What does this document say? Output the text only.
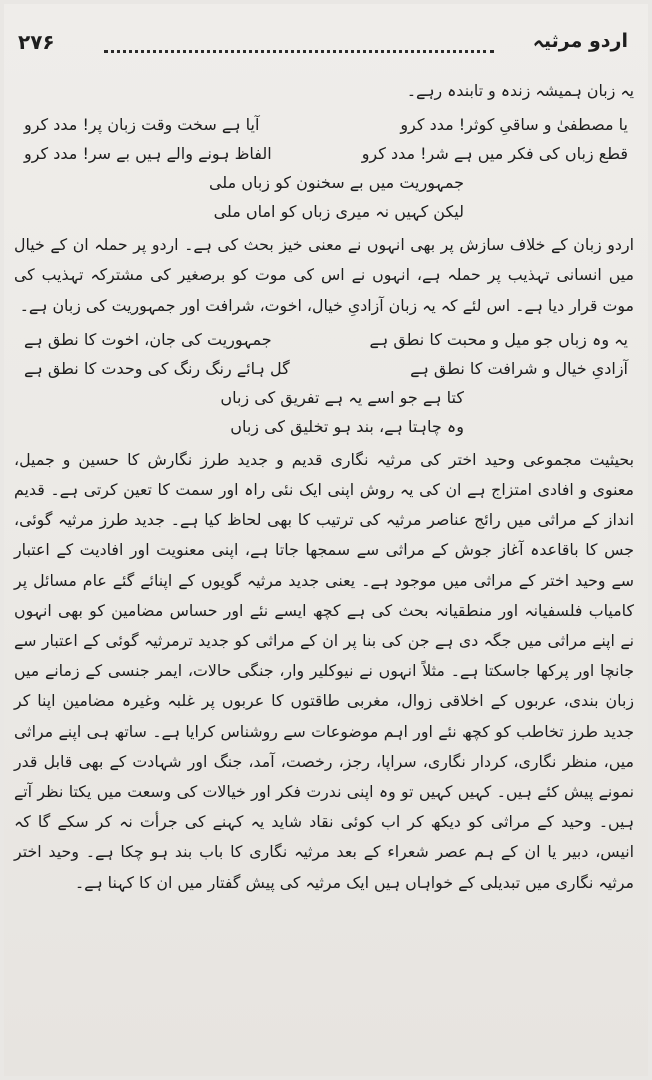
۲۷۶	اردو مرثیہ

یہ زبان ہمیشہ زندہ و تابندہ رہے۔

یا مصطفیٰ و ساقیِ کوثر! مدد کرو
آیا ہے سخت وقت زبان پر! مدد کرو
قطع زباں کی فکر میں ہے شر! مدد کرو
الفاظ ہونے والے ہیں بے سر! مدد کرو
جمہوریت میں بے سخنون کو زباں ملی
لیکن کہیں نہ میری زباں کو اماں ملی

اردو زبان کے خلاف سازش پر بھی انہوں نے معنی خیز بحث کی ہے۔ اردو پر حملہ ان کے خیال میں انسانی تہذیب پر حملہ ہے، انہوں نے اس کی موت کو برصغیر کی مشترکہ تہذیب کی موت قرار دیا ہے۔ اس لئے کہ یہ زبان آزادیِ خیال، اخوت، شرافت اور جمہوریت کی زبان ہے۔

یہ وہ زباں جو میل و محبت کا نطق ہے
جمہوریت کی جان، اخوت کا نطق ہے
آزادیِ خیال و شرافت کا نطق ہے
گل ہائے رنگ رنگ کی وحدت کا نطق ہے
کتا ہے جو اسے یہ ہے تفریق کی زباں
وہ چاہتا ہے، بند ہو تخلیق کی زباں

بحیثیت مجموعی وحید اختر کی مرثیہ نگاری قدیم و جدید طرز نگارش کا حسین و جمیل، معنوی و افادی امتزاج ہے ان کی یہ روش اپنی ایک نئی راہ اور سمت کا تعین کرتی ہے۔ قدیم انداز کے مراثی میں رائج عناصر مرثیہ کی ترتیب کا بھی لحاظ کیا ہے۔ جدید طرز مرثیہ گوئی، جس کا باقاعدہ آغاز جوش کے مراثی سے سمجھا جاتا ہے، اپنی معنویت اور افادیت کے اعتبار سے وحید اختر کے مراثی میں موجود ہے۔ یعنی جدید مرثیہ گویوں کے اپنائے گئے عام مسائل پر کامیاب فلسفیانہ اور منطقیانہ بحث کی ہے کچھ ایسے نئے اور حساس مضامین کو بھی انہوں نے اپنے مراثی میں جگہ دی ہے جن کی بنا پر ان کے مراثی کو جدید ترمرثیہ گوئی کے اعتبار سے جانچا اور پرکھا جاسکتا ہے۔ مثلاً انہوں نے نیوکلیر وار، جنگی حالات، ایمر جنسی کے زمانے میں زبان بندی، عربوں کے اخلاقی زوال، مغربی طاقتوں کا عربوں پر غلبہ وغیرہ مضامین اپنا کر جدید طرز تخاطب کو کچھ نئے اور اہم موضوعات سے روشناس کرایا ہے۔ ساتھ ہی اپنے مراثی میں، منظر نگاری، کردار نگاری، سراپا، رجز، رخصت، آمد، جنگ اور شہادت کے بھی قابل قدر نمونے پیش کئے ہیں۔ کہیں کہیں تو وہ اپنی ندرت فکر اور خیالات کی وسعت میں یکتا نظر آتے ہیں۔ وحید کے مراثی کو دیکھ کر اب کوئی نقاد شاید یہ کہنے کی جرأت نہ کر سکے گا کہ انیس، دبیر یا ان کے ہم عصر شعراء کے بعد مرثیہ نگاری کا باب بند ہو چکا ہے۔ وحید اختر مرثیہ نگاری میں تبدیلی کے خواہاں ہیں ایک مرثیہ کی پیش گفتار میں ان کا کہنا ہے۔
